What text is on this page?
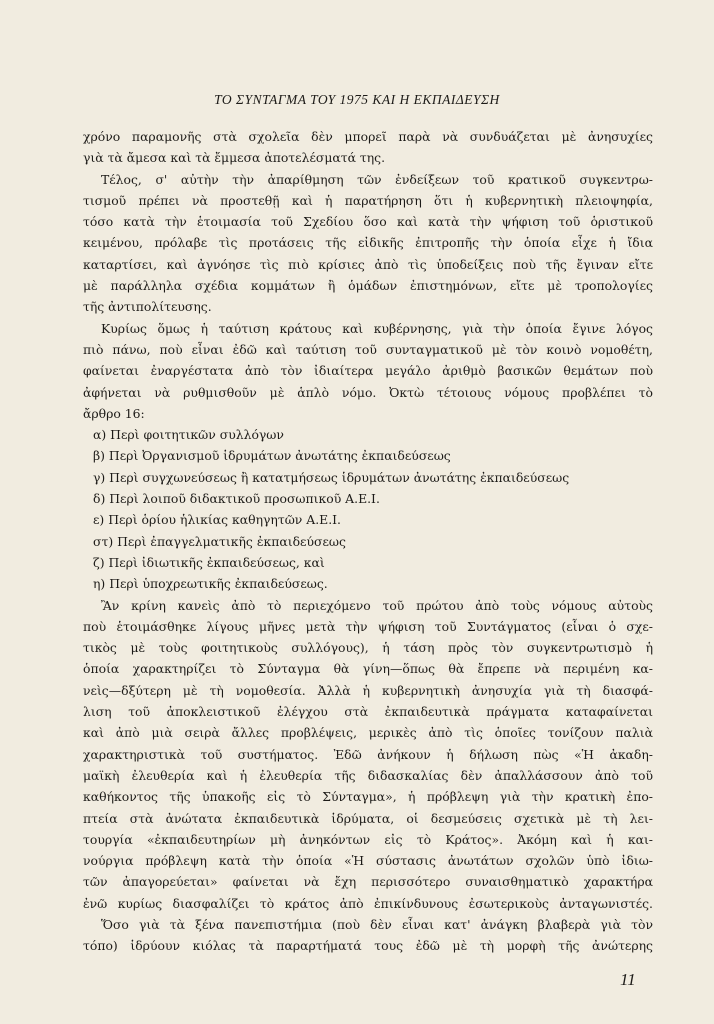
ΤΟ ΣΥΝΤΑΓΜΑ ΤΟΥ 1975 ΚΑΙ Η ΕΚΠΑΙΔΕΥΣΗ
χρόνο παραμονῆς στὰ σχολεῖα δὲν μπορεῖ παρὰ νὰ συνδυάζεται μὲ ἀνησυχίες
γιὰ τὰ ἄμεσα καὶ τὰ ἔμμεσα ἀποτελέσματά της.
Τέλος, σ' αὐτὴν τὴν ἀπαρίθμηση τῶν ἐνδείξεων τοῦ κρατικοῦ συγκεντρω-
τισμοῦ πρέπει νὰ προστεθῇ καὶ ἡ παρατήρηση ὅτι ἡ κυβερνητικὴ πλειοψηφία,
τόσο κατὰ τὴν ἑτοιμασία τοῦ Σχεδίου ὅσο καὶ κατὰ τὴν ψήφιση τοῦ ὁριστικοῦ
κειμένου, πρόλαβε τὶς προτάσεις τῆς εἰδικῆς ἐπιτροπῆς τὴν ὁποία εἶχε ἡ ἴδια
καταρτίσει, καὶ ἀγνόησε τὶς πιὸ κρίσιες ἀπὸ τὶς ὑποδείξεις ποὺ τῆς ἔγιναν εἴτε
μὲ παράλληλα σχέδια κομμάτων ἢ ὁμάδων ἐπιστημόνων, εἴτε μὲ τροπολογίες
τῆς ἀντιπολίτευσης.
Κυρίως ὅμως ἡ ταύτιση κράτους καὶ κυβέρνησης, γιὰ τὴν ὁποία ἔγινε λόγος
πιὸ πάνω, ποὺ εἶναι ἐδῶ καὶ ταύτιση τοῦ συνταγματικοῦ μὲ τὸν κοινὸ νομοθέτη,
φαίνεται ἐναργέστατα ἀπὸ τὸν ἰδιαίτερα μεγάλο ἀριθμὸ βασικῶν θεμάτων ποὺ
ἀφήνεται νὰ ρυθμισθοῦν μὲ ἁπλὸ νόμο. Ὀκτὼ τέτοιους νόμους προβλέπει τὸ
ἄρθρο 16:
α) Περὶ φοιτητικῶν συλλόγων
β) Περὶ Ὀργανισμοῦ ἱδρυμάτων ἀνωτάτης ἐκπαιδεύσεως
γ) Περὶ συγχωνεύσεως ἢ κατατμήσεως ἱδρυμάτων ἀνωτάτης ἐκπαιδεύσεως
δ) Περὶ λοιποῦ διδακτικοῦ προσωπικοῦ Α.Ε.Ι.
ε) Περὶ ὁρίου ἡλικίας καθηγητῶν Α.Ε.Ι.
στ) Περὶ ἐπαγγελματικῆς ἐκπαιδεύσεως
ζ) Περὶ ἰδιωτικῆς ἐκπαιδεύσεως, καὶ
η) Περὶ ὑποχρεωτικῆς ἐκπαιδεύσεως.
Ἂν κρίνη κανεὶς ἀπὸ τὸ περιεχόμενο τοῦ πρώτου ἀπὸ τοὺς νόμους αὐτοὺς
ποὺ ἑτοιμάσθηκε λίγους μῆνες μετὰ τὴν ψήφιση τοῦ Συντάγματος (εἶναι ὁ σχε-
τικὸς μὲ τοὺς φοιτητικοὺς συλλόγους), ἡ τάση πρὸς τὸν συγκεντρωτισμὸ ἡ
ὁποία χαρακτηρίζει τὸ Σύνταγμα θὰ γίνη—ὅπως θὰ ἔπρεπε νὰ περιμένη κα-
νεὶς—δξύτερη μὲ τὴ νομοθεσία. Ἀλλὰ ἡ κυβερνητικὴ ἀνησυχία γιὰ τὴ διασφά-
λιση τοῦ ἀποκλειστικοῦ ἐλέγχου στὰ ἐκπαιδευτικὰ πράγματα καταφαίνεται
καὶ ἀπὸ μιὰ σειρὰ ἄλλες προβλέψεις, μερικὲς ἀπὸ τὶς ὁποῖες τονίζουν παλιὰ
χαρακτηριστικὰ τοῦ συστήματος. Ἐδῶ ἀνήκουν ἡ δήλωση πὼς «Ἡ ἀκαδη-
μαϊκὴ ἐλευθερία καὶ ἡ ἐλευθερία τῆς διδασκαλίας δὲν ἀπαλλάσσουν ἀπὸ τοῦ
καθήκοντος τῆς ὑπακοῆς εἰς τὸ Σύνταγμα», ἡ πρόβλεψη γιὰ τὴν κρατικὴ ἐπο-
πτεία στὰ ἀνώτατα ἐκπαιδευτικὰ ἱδρύματα, οἱ δεσμεύσεις σχετικὰ μὲ τὴ λει-
τουργία «ἐκπαιδευτηρίων μὴ ἀνηκόντων εἰς τὸ Κράτος». Ἀκόμη καὶ ἡ και-
νούργια πρόβλεψη κατὰ τὴν ὁποία «Ἡ σύστασις ἀνωτάτων σχολῶν ὑπὸ ἰδιω-
τῶν ἀπαγορεύεται» φαίνεται νὰ ἔχη περισσότερο συναισθηματικὸ χαρακτήρα
ἐνῶ κυρίως διασφαλίζει τὸ κράτος ἀπὸ ἐπικίνδυνους ἐσωτερικοὺς ἀνταγωνιστές.
Ὅσο γιὰ τὰ ξένα πανεπιστήμια (ποὺ δὲν εἶναι κατ' ἀνάγκη βλαβερὰ γιὰ τὸν
τόπο) ἱδρύουν κιόλας τὰ παραρτήματά τους ἐδῶ μὲ τὴ μορφὴ τῆς ἀνώτερης
11
